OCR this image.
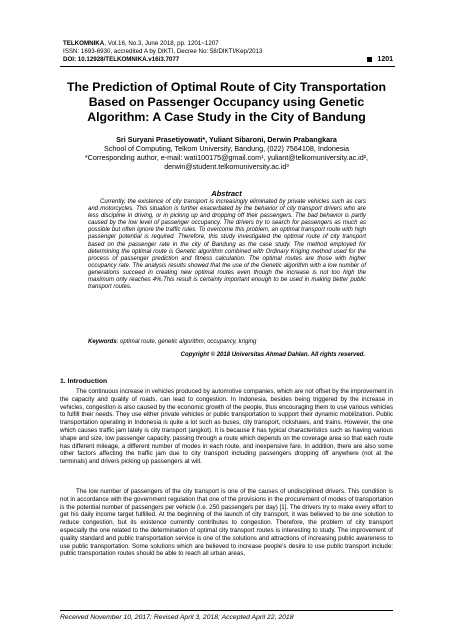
TELKOMNIKA, Vol.16, No.3, June 2018, pp. 1201~1207
ISSN: 1693-6930, accredited A by DIKTI, Decree No: 58/DIKTI/Kep/2013
DOI: 10.12928/TELKOMNIKA.v16i3.7077	1201
The Prediction of Optimal Route of City Transportation Based on Passenger Occupancy using Genetic Algorithm: A Case Study in the City of Bandung
Sri Suryani Prasetiyowati*, Yuliant Sibaroni, Derwin Prabangkara
School of Computing, Telkom University, Bandung, (022) 7564108, Indonesia
*Corresponding author, e-mail: wati100175@gmail.com¹, yuliant@telkomuniversity.ac.id²,
derwin@student.telkomuniversity.ac.id³
Abstract
Currently, the existence of city transport is increasingly eliminated by private vehicles such as cars and motorcycles. This situation is further exacerbated by the behavior of city transport drivers who are less discipline in driving, or in picking up and dropping off their passengers. The bad behavior is partly caused by the low level of passenger occupancy. The drivers try to search for passengers as much as possible but often ignore the traffic rules. To overcome this problem, an optimal transport route with high passenger potential is required. Therefore, this study investigated the optimal route of city transport based on the passenger rate in the city of Bandung as the case study. The method employed for determining the optimal route is Genetic algorithm combined with Ordinary Kriging method used for the process of passenger prediction and fitness calculation. The optimal routes are those with higher occupancy rate. The analysis results showed that the use of the Genetic algorithm with a low number of generations succeed in creating new optimal routes even though the increase is not too high the maximum only reaches 4%.This result is certainly important enough to be used in making better public transport routes.
Keywords: optimal route, genetic algorithm, occupancy, kriging
Copyright © 2018 Universitas Ahmad Dahlan. All rights reserved.
1. Introduction
The continuous increase in vehicles produced by automotive companies, which are not offset by the improvement in the capacity and quality of roads, can lead to congestion. In Indonesia, besides being triggered by the increase in vehicles, congestion is also caused by the economic growth of the people, thus encouraging them to use various vehicles to fulfill their needs. They use either private vehicles or public transportation to support their dynamic mobilization. Public transportation operating in Indonesia is quite a lot such as buses, city transport, rickshaws, and trains. However, the one which causes traffic jam lately is city transport (angkot). It is because it has typical characteristics such as having various shape and size, low passenger capacity, passing through a route which depends on the coverage area so that each route has different mileage, a different number of modes in each route, and inexpensive fare. In addition, there are also some other factors affecting the traffic jam due to city transport including passengers dropping off anywhere (not at the terminals) and drivers picking up passengers at will.
The low number of passengers of the city transport is one of the causes of undisciplined drivers. This condition is not in accordance with the government regulation that one of the provisions in the procurement of modes of transportation is the potential number of passengers per vehicle (i.e. 250 passengers per day) [1]. The drivers try to make every effort to get his daily income target fulfilled. At the beginning of the launch of city transport, it was believed to be one solution to reduce congestion, but its existence currently contributes to congestion. Therefore, the problem of city transport especially the one related to the determination of optimal city transport routes is interesting to study. The improvement of quality standard and public transportation service is one of the solutions and attractions of increasing public awareness to use public transportation. Some solutions which are believed to increase people's desire to use public transport include: public transportation routes should be able to reach all urban areas,
Received November 10, 2017; Revised April 3, 2018; Accepted April 22, 2018
